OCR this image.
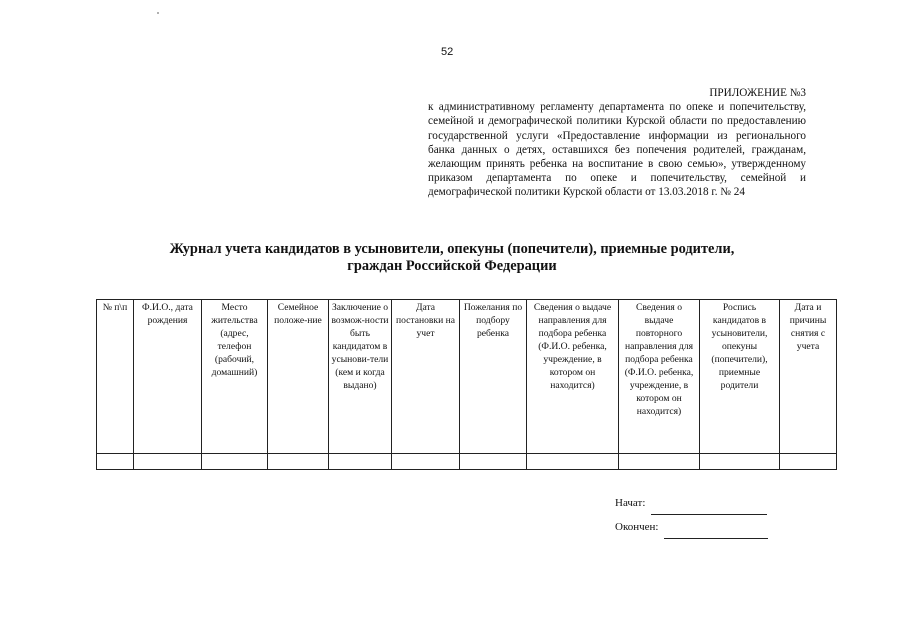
52

ПРИЛОЖЕНИЕ №3

к административному регламенту департамента по опеке и попечительству, семейной и демографической политики Курской области по предоставлению государственной услуги «Предоставление информации из регионального банка данных о детях, оставшихся без попечения родителей, гражданам, желающим принять ребенка на воспитание в свою семью», утвержденному приказом департамента по опеке и попечительству, семейной и демографической политики Курской области от 13.03.2018 г. № 24

Журнал учета кандидатов в усыновители, опекуны (попечители), приемные родители,
граждан Российской Федерации
№ п\п	Ф.И.О., дата рождения	Место жительства (адрес, телефон (рабочий, домашний)	Семейное положе-ние	Заключение о возмож-ности быть кандидатом в усынови-тели (кем и когда выдано)	Дата постановки на учет	Пожелания по подбору ребенка	Сведения о выдаче направления для подбора ребенка (Ф.И.О. ребенка, учреждение, в котором он находится)	Сведения о выдаче повторного направления для подбора ребенка (Ф.И.О. ребенка, учреждение, в котором он находится)	Роспись кандидатов в усыновители, опекуны (попечители), приемные родители	Дата и причины снятия с учета

Начат:
Окончен:
